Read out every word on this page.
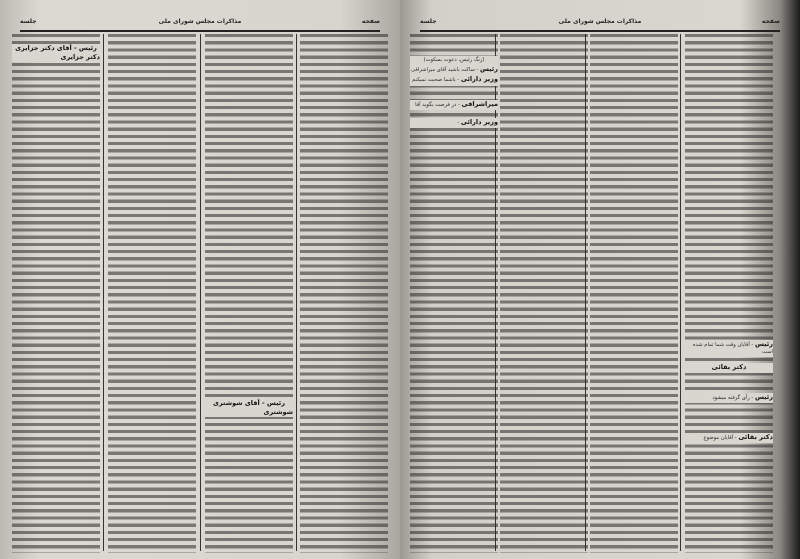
صفحه
مذاکرات مجلس شورای ملی
جلسه
رئیس - آقای شوشتری
شوشتری
رئیس - آقای دکتر جزایری
دکتر جزایری
صفحه
مذاکرات مجلس شورای ملی
جلسه
رئیس - آقایان وقت شما تمام شده است
دکتر بقائی
رئیس - رأی گرفته میشود
دکتر بقائی - آقایان موضوع
(زنگ رئیس، دعوت بسکوت)
رئیس - ساکت باشید آقای میراشرافی
وزیر دارائی - باشما صحبت نمیکنم
میراشرافی - در فرصت بگوید آقا
وزیر دارائی -
